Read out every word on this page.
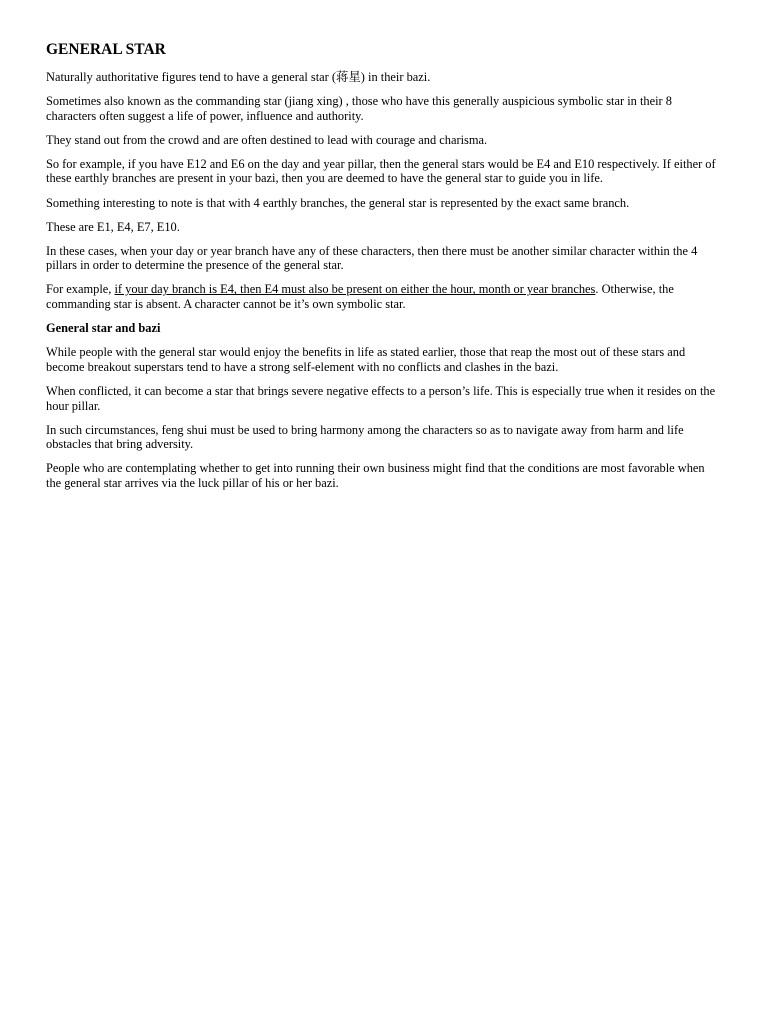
GENERAL STAR

Naturally authoritative figures tend to have a general star (蒋星) in their bazi.

Sometimes also known as the commanding star (jiang xing) , those who have this generally auspicious symbolic star in their 8 characters often suggest a life of power, influence and authority.

They stand out from the crowd and are often destined to lead with courage and charisma.

So for example, if you have E12 and E6 on the day and year pillar, then the general stars would be E4 and E10 respectively. If either of these earthly branches are present in your bazi, then you are deemed to have the general star to guide you in life.

Something interesting to note is that with 4 earthly branches, the general star is represented by the exact same branch.

These are E1, E4, E7, E10.

In these cases, when your day or year branch have any of these characters, then there must be another similar character within the 4 pillars in order to determine the presence of the general star.

For example, if your day branch is E4, then E4 must also be present on either the hour, month or year branches. Otherwise, the commanding star is absent. A character cannot be it’s own symbolic star.

General star and bazi

While people with the general star would enjoy the benefits in life as stated earlier, those that reap the most out of these stars and become breakout superstars tend to have a strong self-element with no conflicts and clashes in the bazi.

When conflicted, it can become a star that brings severe negative effects to a person’s life. This is especially true when it resides on the hour pillar.

In such circumstances, feng shui must be used to bring harmony among the characters so as to navigate away from harm and life obstacles that bring adversity.

People who are contemplating whether to get into running their own business might find that the conditions are most favorable when the general star arrives via the luck pillar of his or her bazi.
